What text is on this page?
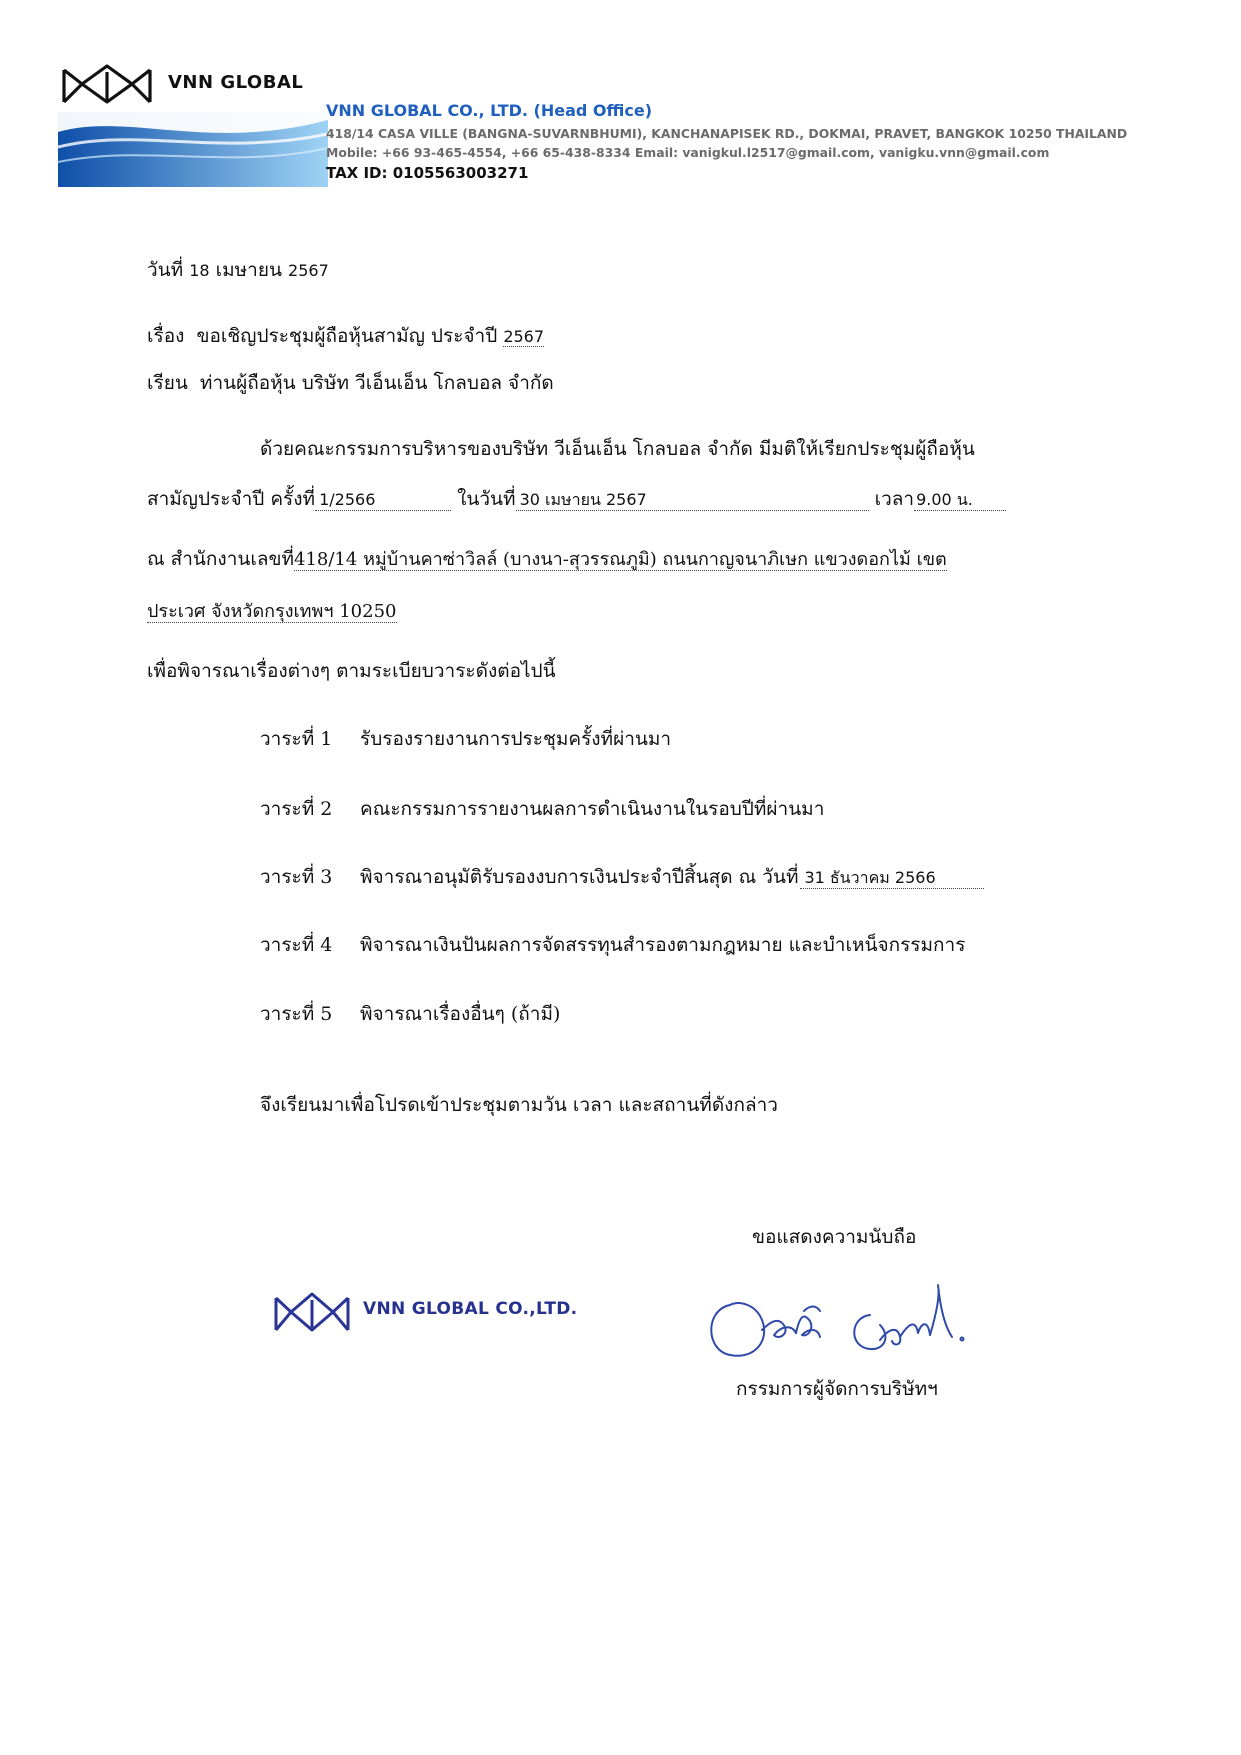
VNN GLOBAL
VNN GLOBAL CO., LTD. (Head Office)
418/14 CASA VILLE (BANGNA-SUVARNBHUMI), KANCHANAPISEK RD., DOKMAI, PRAVET, BANGKOK 10250 THAILAND
Mobile: +66 93-465-4554, +66 65-438-8334 Email: vanigkul.l2517@gmail.com, vanigku.vnn@gmail.com
TAX ID: 0105563003271
วันที่ 18 เมษายน 2567
เรื่อง ขอเชิญประชุมผู้ถือหุ้นสามัญ ประจำปี 2567
เรียน ท่านผู้ถือหุ้น บริษัท วีเอ็นเอ็น โกลบอล จำกัด
ด้วยคณะกรรมการบริหารของบริษัท วีเอ็นเอ็น โกลบอล จำกัด มีมติให้เรียกประชุมผู้ถือหุ้น
สามัญประจำปี ครั้งที่ 1/2566	ในวันที่ 30 เมษายน 2567	เวลา 9.00 น.
ณ สำนักงานเลขที่418/14 หมู่บ้านคาซ่าวิลล์ (บางนา-สุวรรณภูมิ) ถนนกาญจนาภิเษก แขวงดอกไม้ เขต
ประเวศ จังหวัดกรุงเทพฯ 10250
เพื่อพิจารณาเรื่องต่างๆ ตามระเบียบวาระดังต่อไปนี้
วาระที่ 1 รับรองรายงานการประชุมครั้งที่ผ่านมา
วาระที่ 2 คณะกรรมการรายงานผลการดำเนินงานในรอบปีที่ผ่านมา
วาระที่ 3 พิจารณาอนุมัติรับรองงบการเงินประจำปีสิ้นสุด ณ วันที่ 31 ธันวาคม 2566
วาระที่ 4 พิจารณาเงินปันผลการจัดสรรทุนสำรองตามกฎหมาย และบำเหน็จกรรมการ
วาระที่ 5 พิจารณาเรื่องอื่นๆ (ถ้ามี)
จึงเรียนมาเพื่อโปรดเข้าประชุมตามวัน เวลา และสถานที่ดังกล่าว
ขอแสดงความนับถือ
VNN GLOBAL CO.,LTD.
กรรมการผู้จัดการบริษัทฯ
